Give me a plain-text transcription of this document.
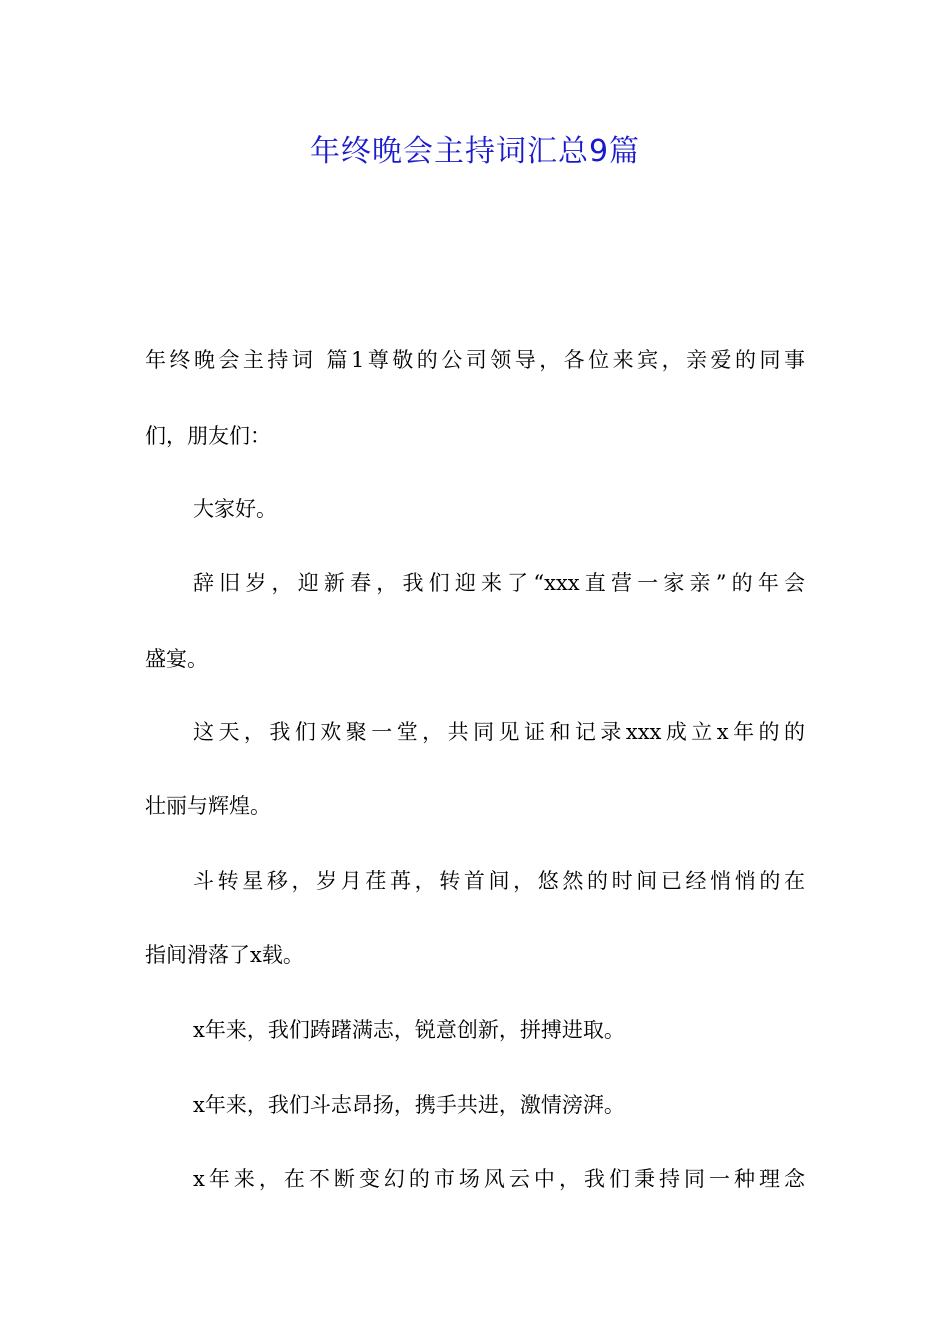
年终晚会主持词汇总9篇
年终晚会主持词 篇1尊敬的公司领导，各位来宾，亲爱的同事
们，朋友们：
大家好。
辞旧岁，迎新春，我们迎来了“xxx直营一家亲”的年会
盛宴。
这天，我们欢聚一堂，共同见证和记录xxx成立x年的的
壮丽与辉煌。
斗转星移，岁月荏苒，转首间，悠然的时间已经悄悄的在
指间滑落了x载。
x年来，我们踌躇满志，锐意创新，拼搏进取。
x年来，我们斗志昂扬，携手共进，激情滂湃。
x年来，在不断变幻的市场风云中，我们秉持同一种理念
